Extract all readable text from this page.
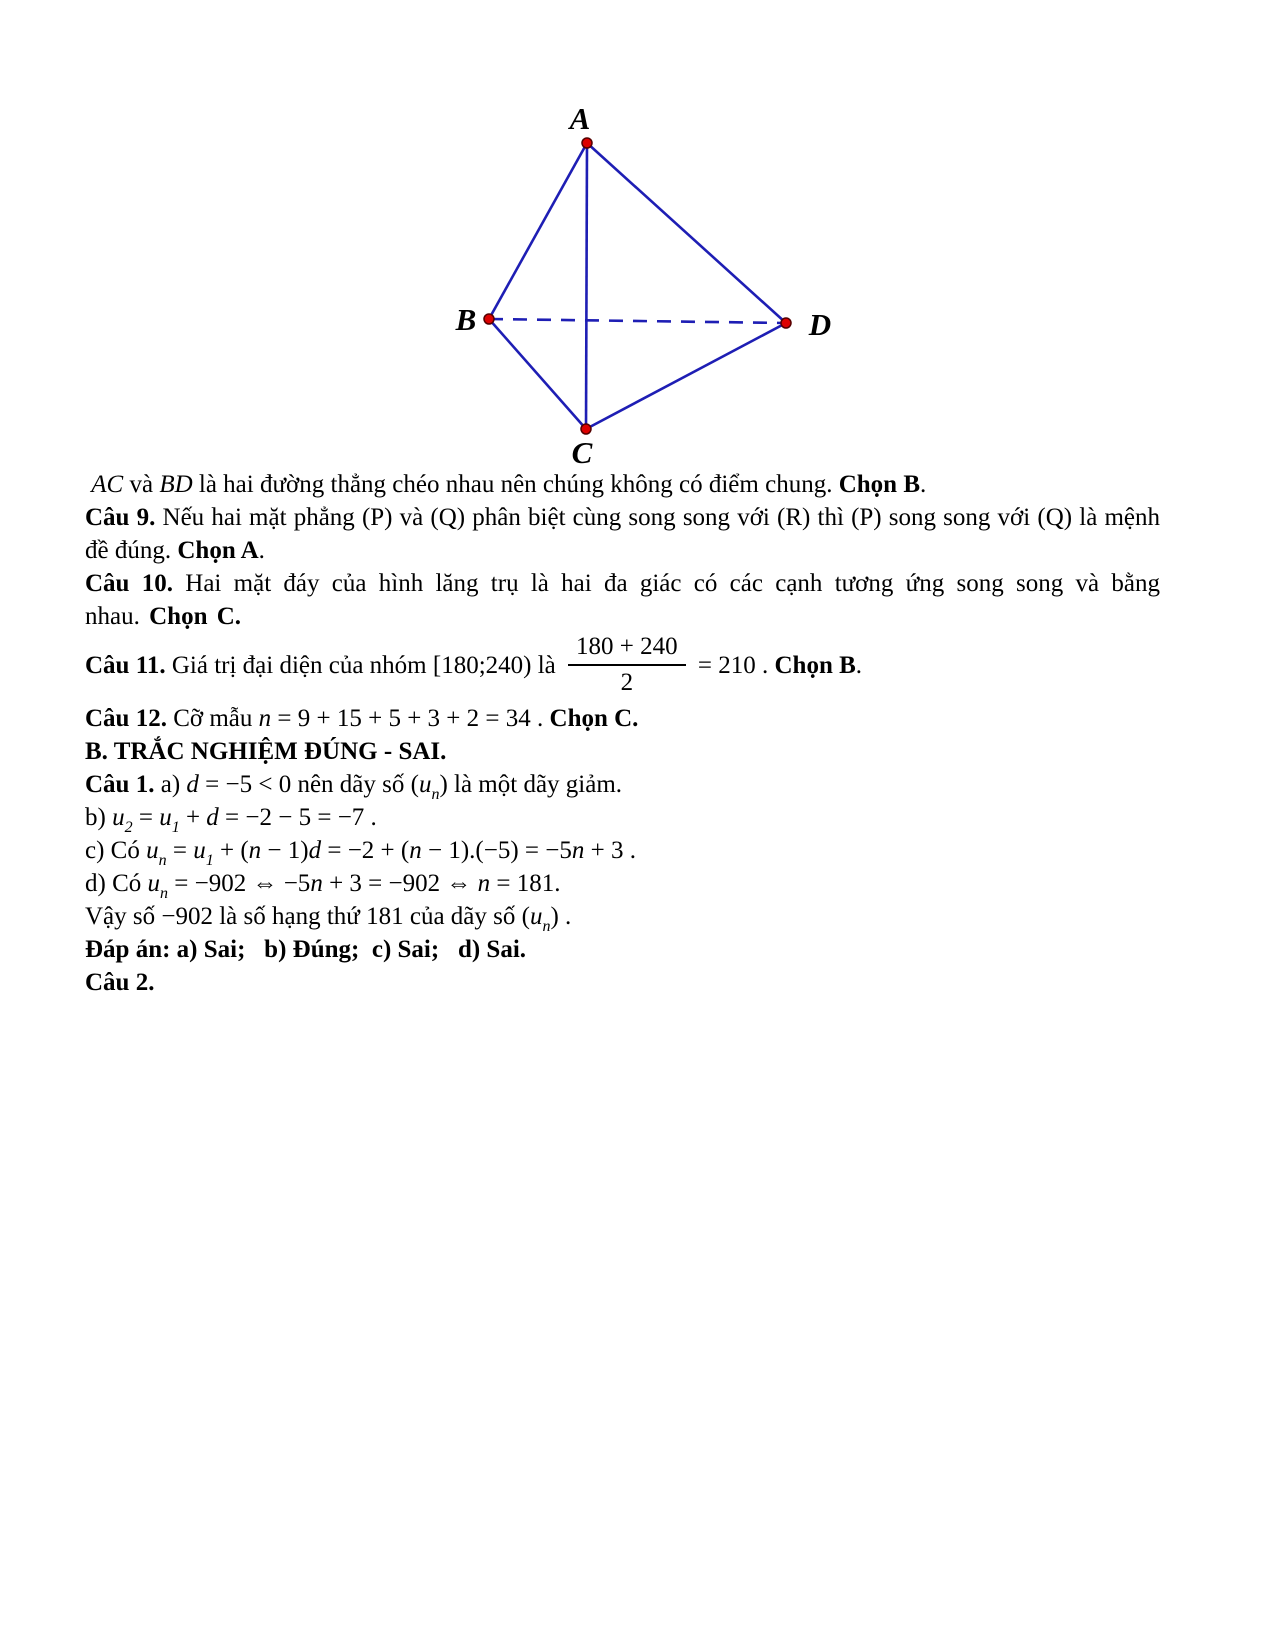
A
B
C
D

AC và BD là hai đường thẳng chéo nhau nên chúng không có điểm chung. Chọn B.

Câu 9. Nếu hai mặt phẳng (P) và (Q) phân biệt cùng song song với (R) thì (P) song song với (Q) là mệnh đề đúng. Chọn A.

Câu 10. Hai mặt đáy của hình lăng trụ là hai đa giác có các cạnh tương ứng song song và bằng nhau. Chọn C.

Câu 11. Giá trị đại diện của nhóm [180;240) là $\frac{180 + 240}{2} = 210$ . Chọn B.

Câu 12. Cỡ mẫu n = 9 + 15 + 5 + 3 + 2 = 34 . Chọn C.

B. TRẮC NGHIỆM ĐÚNG - SAI.

Câu 1. a) d = −5 < 0 nên dãy số $(u_n)$ là một dãy giảm.

b) $u_2 = u_1 + d = -2 - 5 = -7$ .

c) Có $u_n = u_1 + (n - 1)d = -2 + (n - 1).(-5) = -5n + 3$ .

d) Có $u_n = -902$ ⇔ −5n + 3 = −902 ⇔ n = 181.

Vậy số −902 là số hạng thứ 181 của dãy số $(u_n)$ .

Đáp án: a) Sai;   b) Đúng;  c) Sai;   d) Sai.

Câu 2.
